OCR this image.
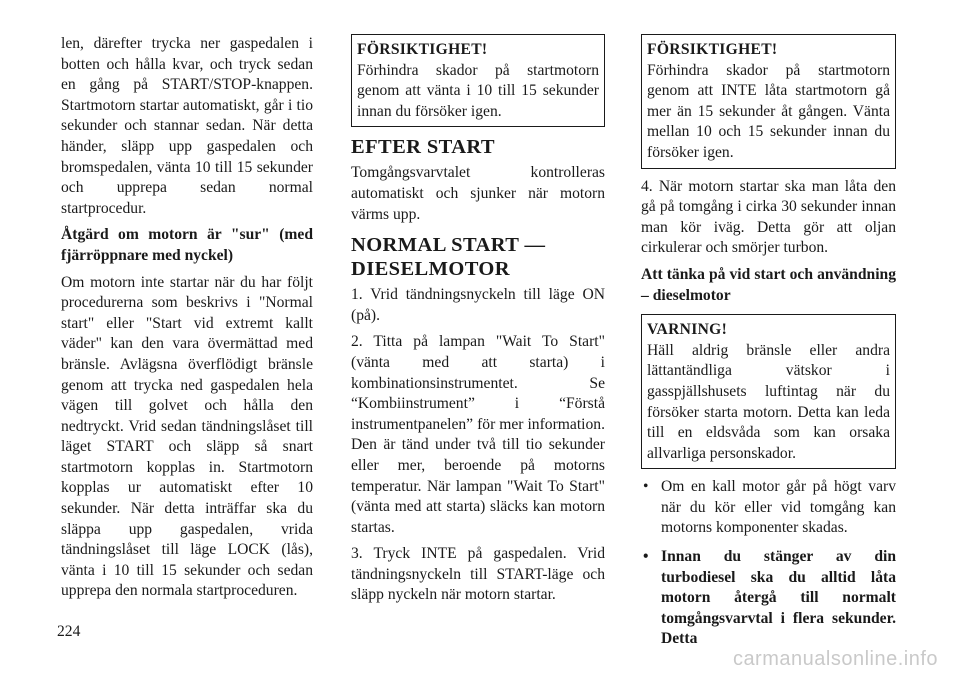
len, därefter trycka ner gaspedalen i botten och hålla kvar, och tryck sedan en gång på START/STOP-knappen. Startmotorn startar automatiskt, går i tio sekunder och stannar sedan. När detta händer, släpp upp gaspedalen och bromspedalen, vänta 10 till 15 sekunder och upprepa sedan normal startprocedur.

Åtgärd om motorn är "sur" (med fjärröppnare med nyckel)

Om motorn inte startar när du har följt procedurerna som beskrivs i "Normal start" eller "Start vid extremt kallt väder" kan den vara övermättad med bränsle. Avlägsna överflödigt bränsle genom att trycka ned gaspedalen hela vägen till golvet och hålla den nedtryckt. Vrid sedan tändningslåset till läget START och släpp så snart startmotorn kopplas in. Startmotorn kopplas ur automatiskt efter 10 sekunder. När detta inträffar ska du släppa upp gaspedalen, vrida tändningslåset till läge LOCK (lås), vänta i 10 till 15 sekunder och sedan upprepa den normala startproceduren.

FÖRSIKTIGHET!
Förhindra skador på startmotorn genom att vänta i 10 till 15 sekunder innan du försöker igen.
EFTER START

Tomgångsvarvtalet kontrolleras automatiskt och sjunker när motorn värms upp.

NORMAL START — DIESELMOTOR

1. Vrid tändningsnyckeln till läge ON (på).

2. Titta på lampan "Wait To Start" (vänta med att starta) i kombinationsinstrumentet. Se “Kombiinstrument” i “Förstå instrumentpanelen” för mer information. Den är tänd under två till tio sekunder eller mer, beroende på motorns temperatur. När lampan "Wait To Start" (vänta med att starta) släcks kan motorn startas.

3. Tryck INTE på gaspedalen. Vrid tändningsnyckeln till START-läge och släpp nyckeln när motorn startar.

FÖRSIKTIGHET!
Förhindra skador på startmotorn genom att INTE låta startmotorn gå mer än 15 sekunder åt gången. Vänta mellan 10 och 15 sekunder innan du försöker igen.

4. När motorn startar ska man låta den gå på tomgång i cirka 30 sekunder innan man kör iväg. Detta gör att oljan cirkulerar och smörjer turbon.

Att tänka på vid start och användning – dieselmotor

VARNING!
Häll aldrig bränsle eller andra lättantändliga vätskor i gasspjällshusets luftintag när du försöker starta motorn. Detta kan leda till en eldsvåda som kan orsaka allvarliga personskador.
• Om en kall motor går på högt varv när du kör eller vid tomgång kan motorns komponenter skadas.
• Innan du stänger av din turbodiesel ska du alltid låta motorn återgå till normalt tomgångsvarvtal i flera sekunder. Detta
224
carmanualsonline.info
